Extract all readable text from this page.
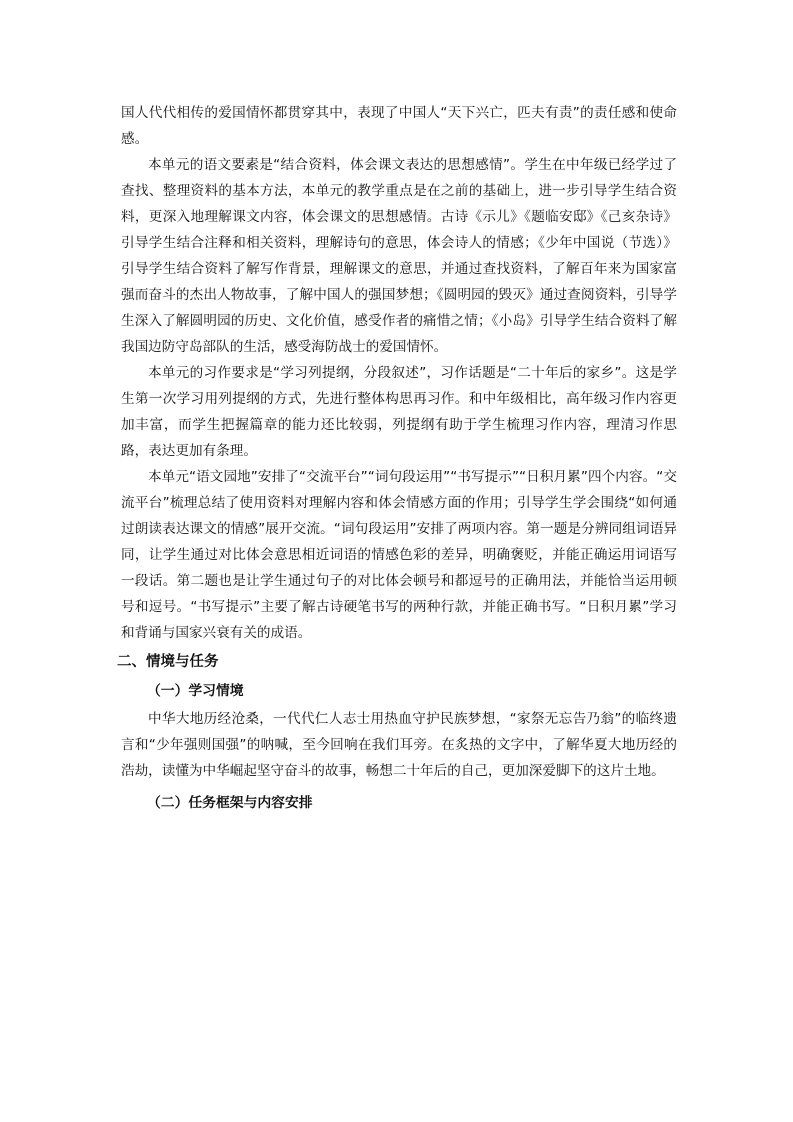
国人代代相传的爱国情怀都贯穿其中，表现了中国人“天下兴亡，匹夫有责”的责任感和使命感。

本单元的语文要素是“结合资料，体会课文表达的思想感情”。学生在中年级已经学过了查找、整理资料的基本方法，本单元的教学重点是在之前的基础上，进一步引导学生结合资料，更深入地理解课文内容，体会课文的思想感情。古诗《示儿》《题临安邸》《己亥杂诗》引导学生结合注释和相关资料，理解诗句的意思，体会诗人的情感；《少年中国说（节选）》引导学生结合资料了解写作背景，理解课文的意思，并通过查找资料，了解百年来为国家富强而奋斗的杰出人物故事，了解中国人的强国梦想；《圆明园的毁灭》通过查阅资料，引导学生深入了解圆明园的历史、文化价值，感受作者的痛惜之情；《小岛》引导学生结合资料了解我国边防守岛部队的生活，感受海防战士的爱国情怀。

本单元的习作要求是“学习列提纲，分段叙述”，习作话题是“二十年后的家乡”。这是学生第一次学习用列提纲的方式，先进行整体构思再习作。和中年级相比，高年级习作内容更加丰富，而学生把握篇章的能力还比较弱，列提纲有助于学生梳理习作内容，理清习作思路，表达更加有条理。

本单元“语文园地”安排了“交流平台”“词句段运用”“书写提示”“日积月累”四个内容。“交流平台”梳理总结了使用资料对理解内容和体会情感方面的作用；引导学生学会围绕“如何通过朗读表达课文的情感”展开交流。“词句段运用”安排了两项内容。第一题是分辨同组词语异同，让学生通过对比体会意思相近词语的情感色彩的差异，明确褒贬，并能正确运用词语写一段话。第二题也是让学生通过句子的对比体会顿号和都逗号的正确用法，并能恰当运用顿号和逗号。“书写提示”主要了解古诗硬笔书写的两种行款，并能正确书写。“日积月累”学习和背诵与国家兴衰有关的成语。

二、情境与任务
（一）学习情境

中华大地历经沧桑，一代代仁人志士用热血守护民族梦想，“家祭无忘告乃翁”的临终遗言和“少年强则国强”的呐喊，至今回响在我们耳旁。在炙热的文字中，了解华夏大地历经的浩劫，读懂为中华崛起坚守奋斗的故事，畅想二十年后的自己，更加深爱脚下的这片土地。

（二）任务框架与内容安排
